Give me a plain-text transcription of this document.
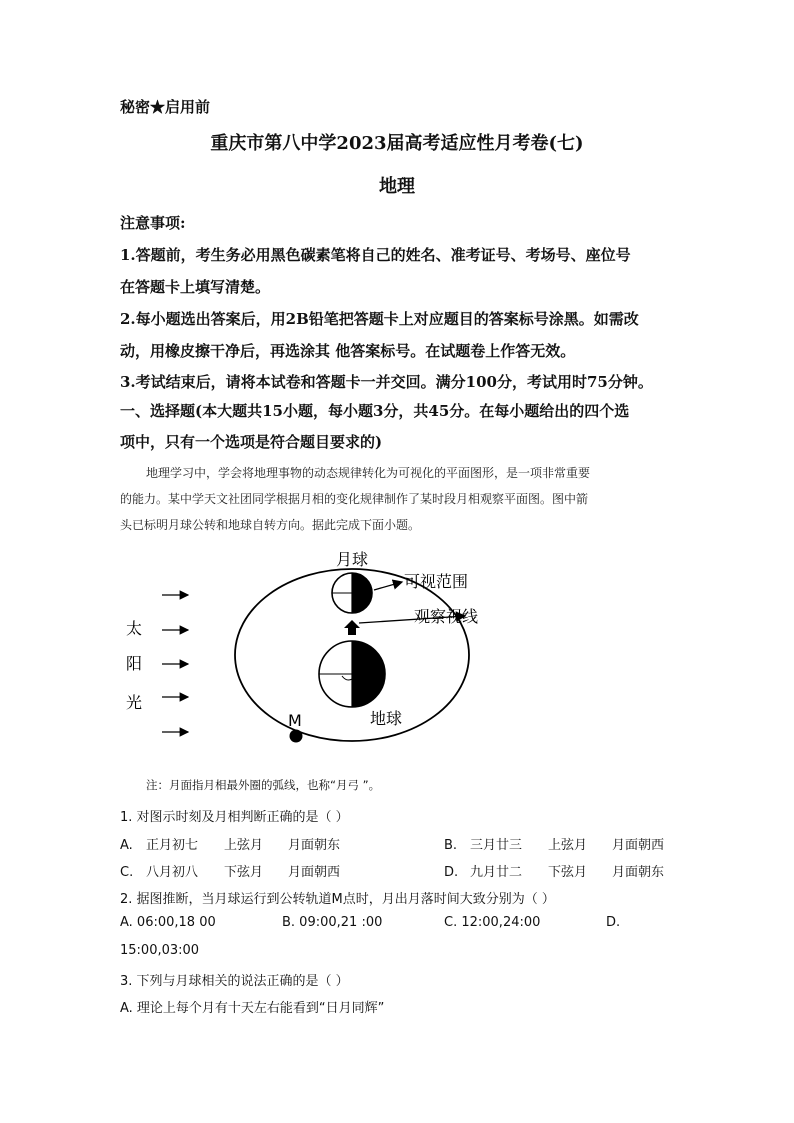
秘密★启用前
重庆市第八中学2023届高考适应性月考卷(七)
地理
注意事项:
1.答题前，考生务必用黑色碳素笔将自己的姓名、准考证号、考场号、座位号
在答题卡上填写清楚。
2.每小题选出答案后，用2B铅笔把答题卡上对应题目的答案标号涂黑。如需改
动，用橡皮擦干净后，再选涂其 他答案标号。在试题卷上作答无效。
3.考试结束后，请将本试卷和答题卡一并交回。满分100分，考试用时75分钟。
一、选择题(本大题共15小题，每小题3分，共45分。在每小题给出的四个选
项中，只有一个选项是符合题目要求的)
地理学习中，学会将地理事物的动态规律转化为可视化的平面图形，是一项非常重要
的能力。某中学天文社团同学根据月相的变化规律制作了某时段月相观察平面图。图中箭
头已标明月球公转和地球自转方向。据此完成下面小题。
太
阳
光
月球
可视范围
观察视线
地球
M
注：月面指月相最外圈的弧线，也称“月弓 ”。
1. 对图示时刻及月相判断正确的是（ ）
A. 正月初七 上弦月 月面朝东	B. 三月廿三 上弦月 月面朝西
C. 八月初八 下弦月 月面朝西	D. 九月廿二 下弦月 月面朝东
2. 据图推断，当月球运行到公转轨道M点时，月出月落时间大致分别为（ ）
A. 06:00,18 00	B. 09:00,21 :00	C. 12:00,24:00	D.
15:00,03:00
3. 下列与月球相关的说法正确的是（ ）
A. 理论上每个月有十天左右能看到“日月同辉”
